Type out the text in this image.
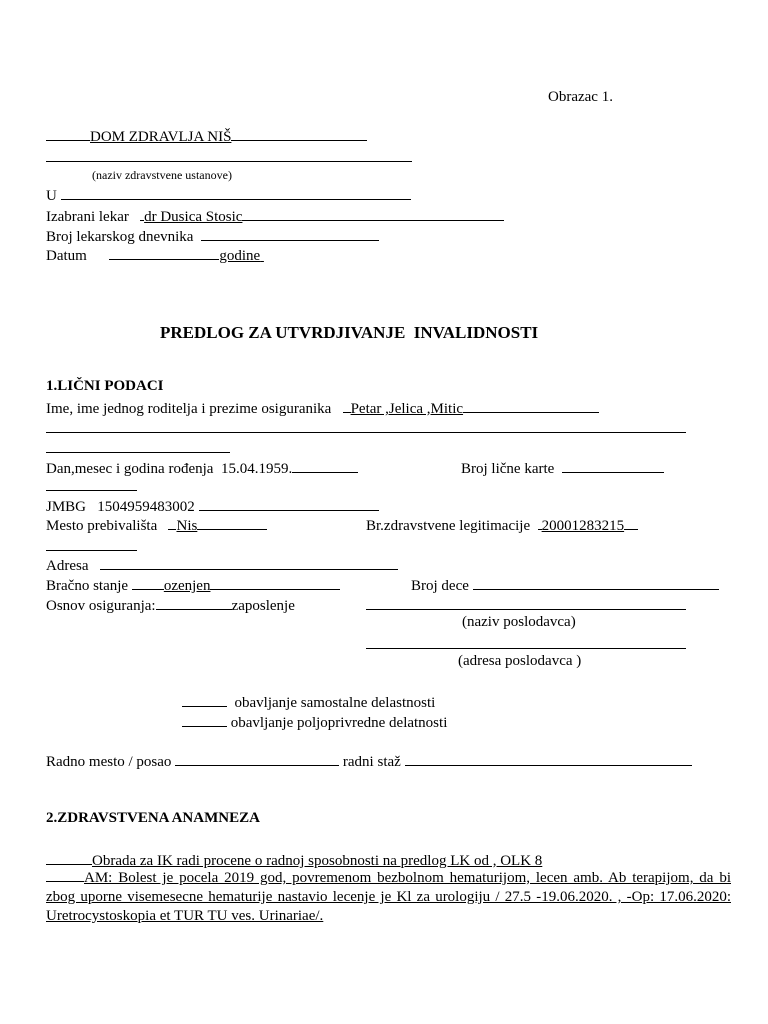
Obrazac 1.
DOM ZDRAVLJA NIŠ
(naziv zdravstvene ustanove)
U
Izabrani lekar dr Dusica Stosic
Broj lekarskog dnevnika
Datum	godine
PREDLOG ZA UTVRDJIVANJE  INVALIDNOSTI
1.LIČNI PODACI
Ime, ime jednog roditelja i prezime osiguranika Petar ,Jelica ,Mitic
Dan,mesec i godina rođenja 15.04.1959.	Broj lične karte
JMBG 1504959483002
Mesto prebivališta Nis	Br.zdravstvene legitimacije 20001283215
Adresa
Bračno stanje ozenjen	Broj dece
Osnov osiguranja:	zaposlenje
(naziv poslodavca)
(adresa poslodavca )
obavljanje samostalne delastnosti
obavljanje poljoprivredne delatnosti
Radno mesto / posao	radni staž
2.ZDRAVSTVENA ANAMNEZA
Obrada za IK radi procene o radnoj sposobnosti na predlog LK od , OLK 8
AM: Bolest je pocela 2019 god, povremenom bezbolnom hematurijom, lecen amb. Ab terapijom, da bi zbog uporne visemesecne hematurije nastavio lecenje je Kl za urologiju / 27.5 -19.06.2020. , -Op: 17.06.2020: Uretrocystoskopia et TUR TU ves. Urinariae/.
